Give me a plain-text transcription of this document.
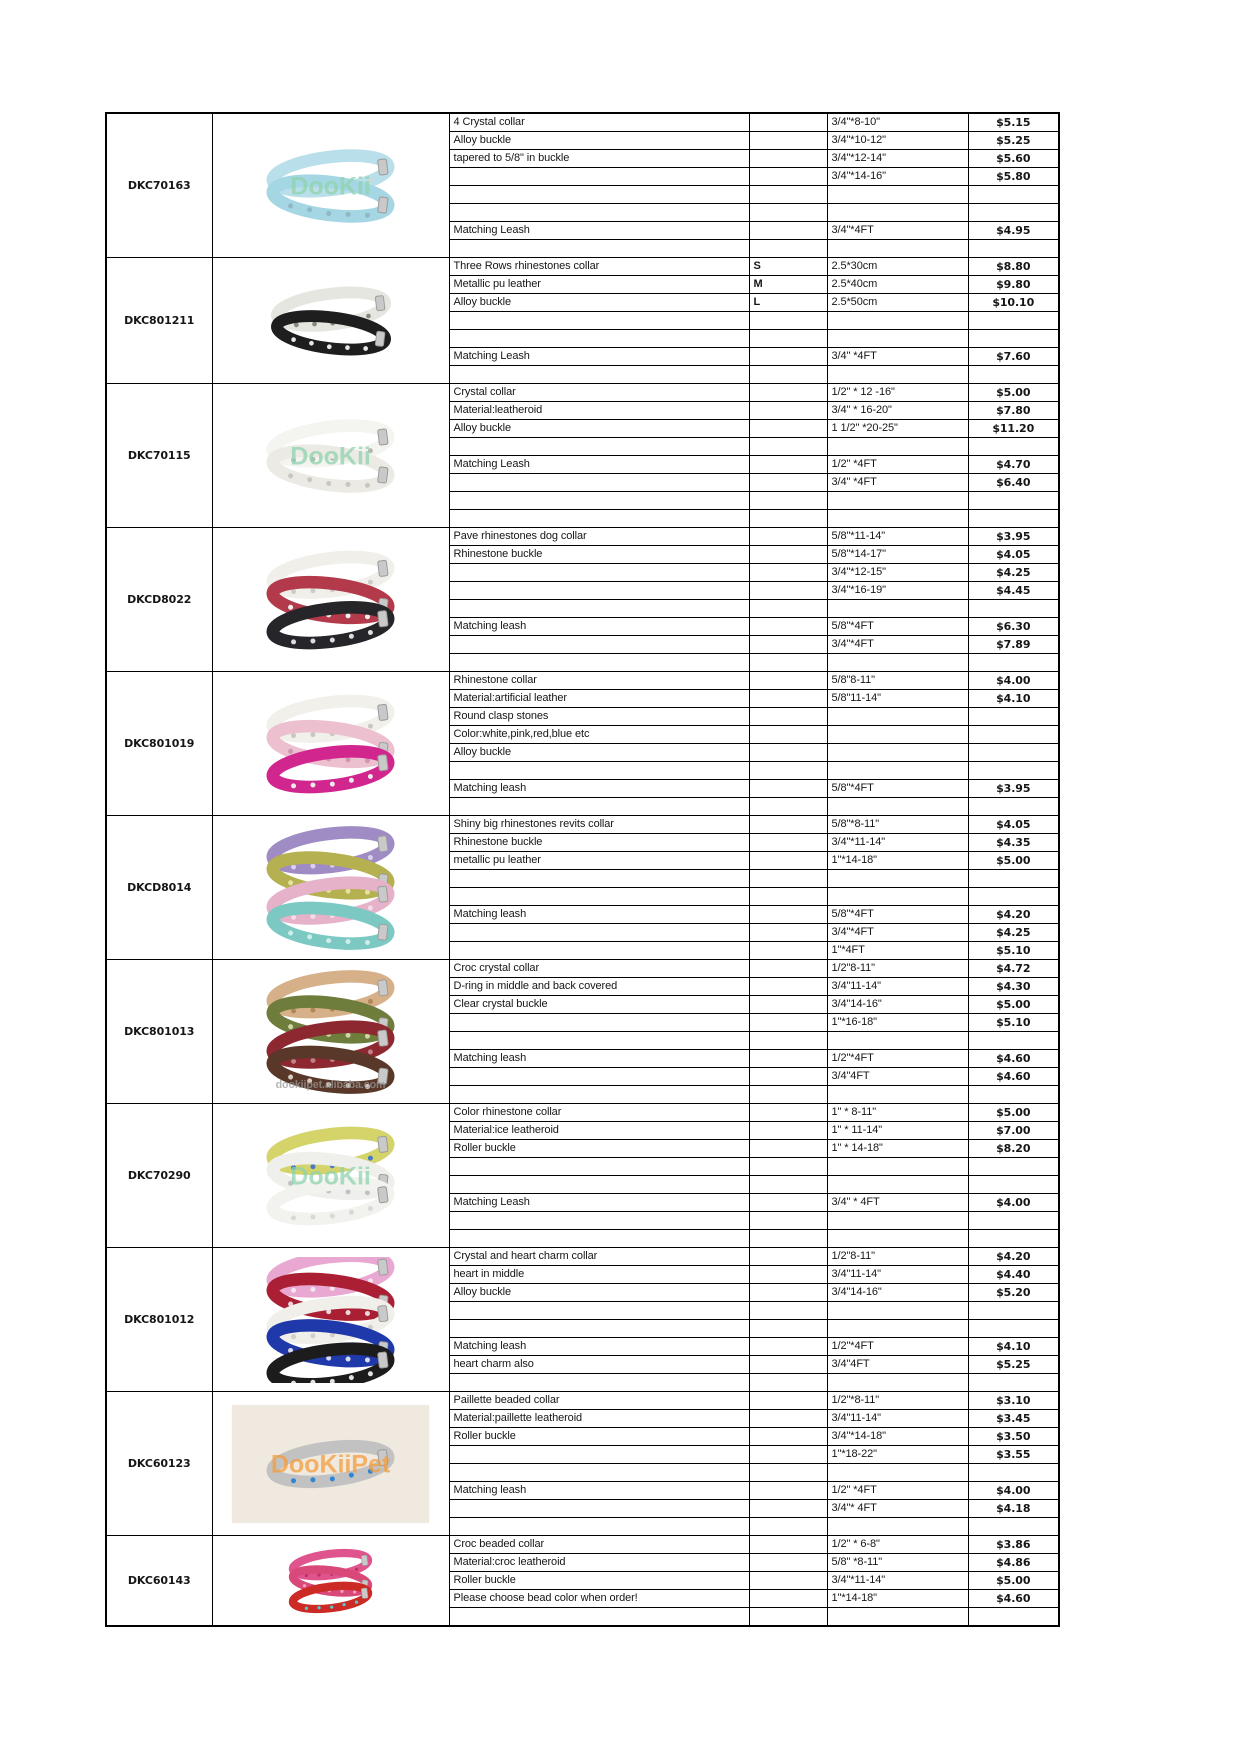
DKC70163	DooKii	4 Crystal collar		3/4"*8-10"	$5.15
		Alloy buckle		3/4"*10-12"	$5.25
		tapered to 5/8" in buckle		3/4"*12-14"	$5.60
				3/4"*14-16"	$5.80

		Matching Leash		3/4"*4FT	$4.95

DKC801211		Three Rows rhinestones collar	S	2.5*30cm	$8.80
		Metallic pu leather	M	2.5*40cm	$9.80
		Alloy buckle	L	2.5*50cm	$10.10

		Matching Leash		3/4" *4FT	$7.60

DKC70115	DooKii	Crystal collar		1/2" * 12 -16"	$5.00
		Material:leatheroid		3/4" * 16-20"	$7.80
		Alloy buckle		1 1/2" *20-25"	$11.20

		Matching Leash		1/2" *4FT	$4.70
				3/4" *4FT	$6.40

DKCD8022		Pave rhinestones dog collar		5/8"*11-14"	$3.95
		Rhinestone buckle		5/8"*14-17"	$4.05
				3/4"*12-15"	$4.25
				3/4"*16-19"	$4.45

		Matching leash		5/8"*4FT	$6.30
				3/4"*4FT	$7.89

DKC801019		Rhinestone collar		5/8"8-11"	$4.00
		Material:artificial leather		5/8"11-14"	$4.10
		Round clasp stones			
		Color:white,pink,red,blue etc			
		Alloy buckle			

		Matching leash		5/8"*4FT	$3.95

DKCD8014		Shiny big rhinestones revits collar		5/8"*8-11"	$4.05
		Rhinestone buckle		3/4"*11-14"	$4.35
		metallic pu leather		1"*14-18"	$5.00

		Matching leash		5/8"*4FT	$4.20
				3/4"*4FT	$4.25
				1"*4FT	$5.10
DKC801013	dookiipet.alibaba.com	Croc crystal collar		1/2"8-11"	$4.72
		D-ring in middle and back covered		3/4"11-14"	$4.30
		Clear crystal buckle		3/4"14-16"	$5.00
				1"*16-18"	$5.10

		Matching leash		1/2"*4FT	$4.60
				3/4"4FT	$4.60

DKC70290	DooKii	Color rhinestone collar		1" * 8-11"	$5.00
		Material:ice leatheroid		1" * 11-14"	$7.00
		Roller buckle		1" * 14-18"	$8.20

		Matching Leash		3/4" * 4FT	$4.00

DKC801012		Crystal and heart charm collar		1/2"8-11"	$4.20
		heart in middle		3/4"11-14"	$4.40
		Alloy buckle		3/4"14-16"	$5.20

		Matching leash		1/2"*4FT	$4.10
		heart charm also		3/4"4FT	$5.25

DKC60123	DooKiiPet	Paillette beaded collar		1/2"*8-11"	$3.10
		Material:paillette leatheroid		3/4"11-14"	$3.45
		Roller buckle		3/4"*14-18"	$3.50
				1"*18-22"	$3.55

		Matching leash		1/2" *4FT	$4.00
				3/4"* 4FT	$4.18

DKC60143		Croc beaded collar		1/2" * 6-8"	$3.86
		Material:croc leatheroid		5/8" *8-11"	$4.86
		Roller buckle		3/4"*11-14"	$5.00
		Please choose bead color when order!		1"*14-18"	$4.60
